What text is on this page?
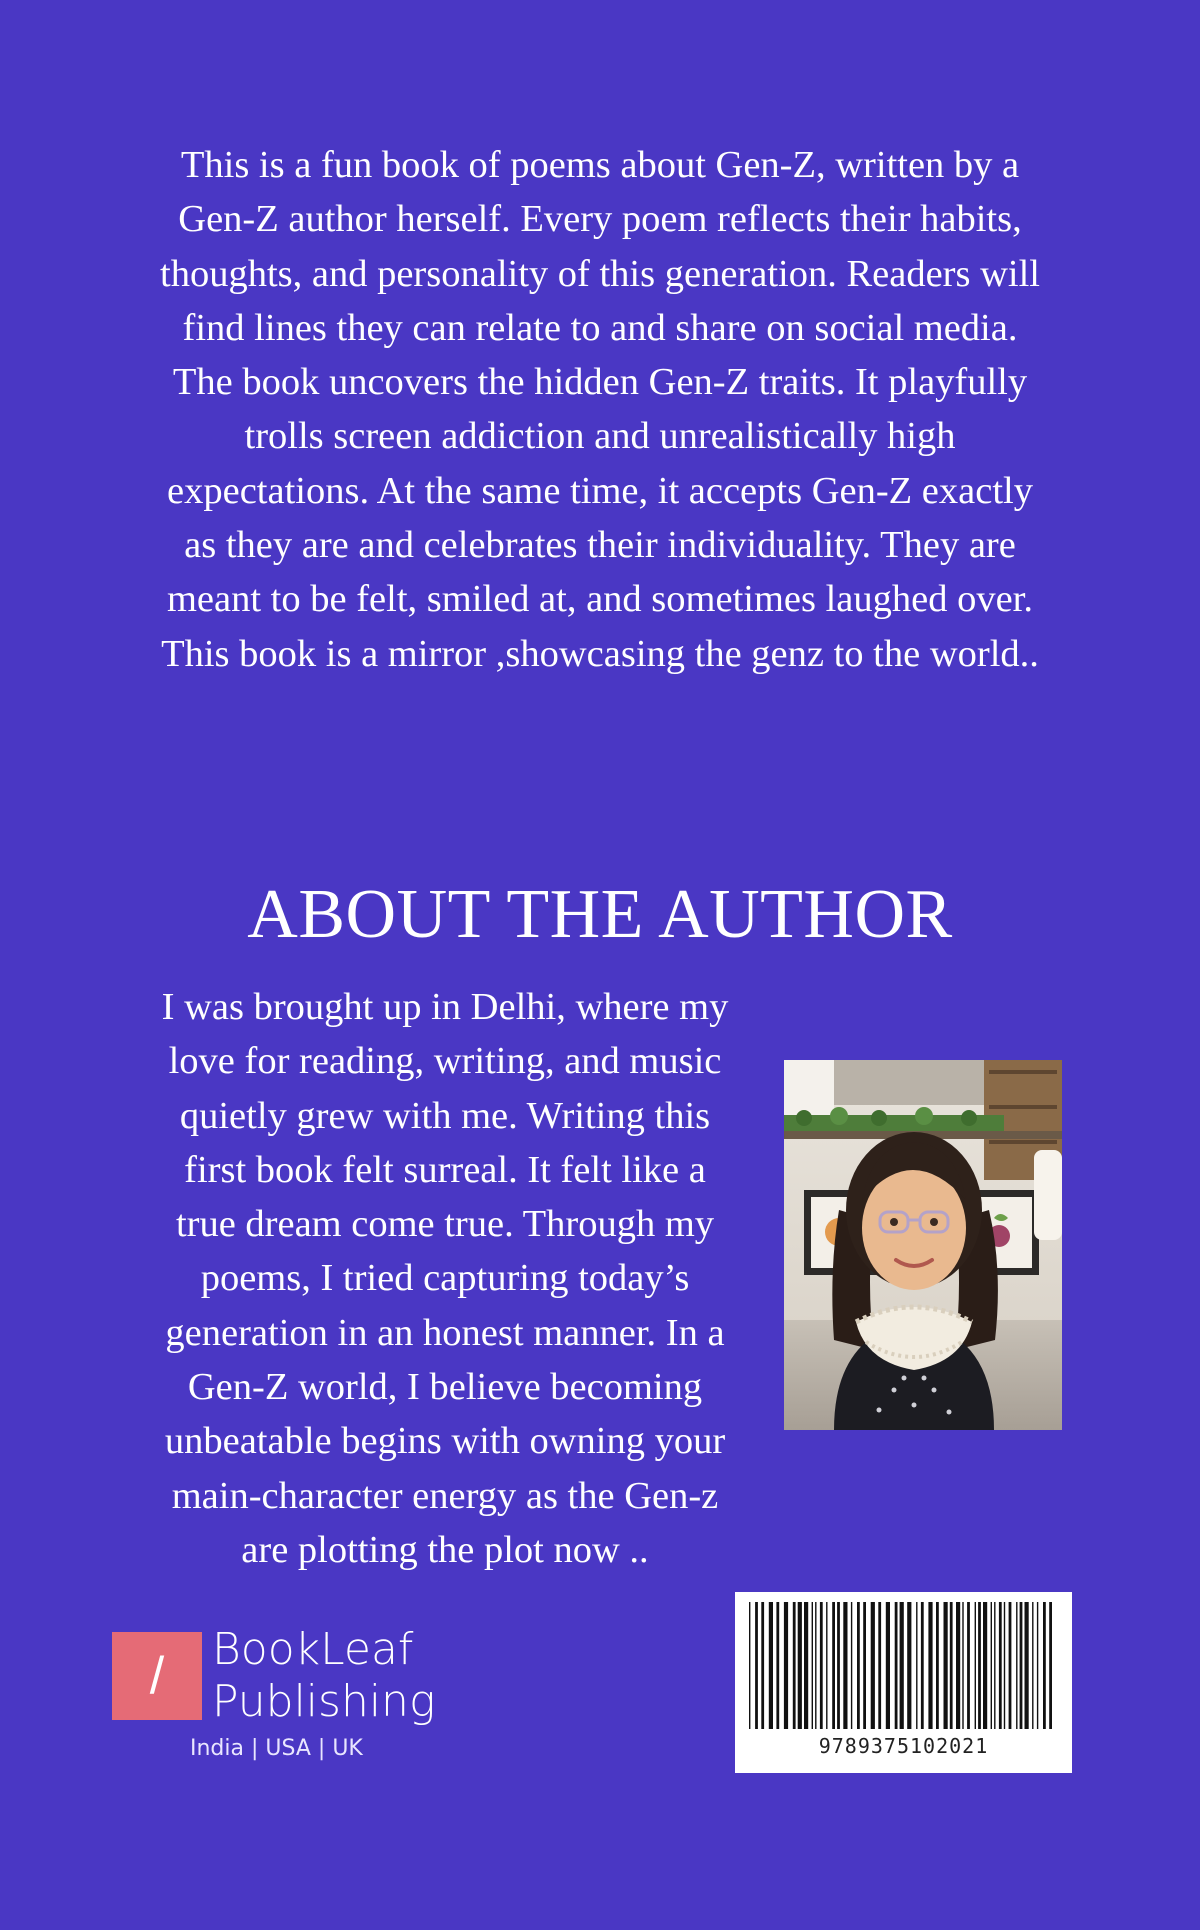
This is a fun book of poems about Gen-Z, written by a
Gen-Z author herself. Every poem reflects their habits,
thoughts, and personality of this generation. Readers will
find lines they can relate to and share on social media.
The book uncovers the hidden Gen-Z traits. It playfully
trolls screen addiction and unrealistically high
expectations. At the same time, it accepts Gen-Z exactly
as they are and celebrates their individuality. They are
meant to be felt, smiled at, and sometimes laughed over.
This book is a mirror ,showcasing the genz to the world..

ABOUT THE AUTHOR

I was brought up in Delhi, where my
love for reading, writing, and music
quietly grew with me. Writing this
first book felt surreal. It felt like a
true dream come true. Through my
poems, I tried capturing today’s
generation in an honest manner. In a
Gen-Z world, I believe becoming
unbeatable begins with owning your
main-character energy as the Gen-z
are plotting the plot now ..

/	BookLeaf
Publishing

India | USA | UK	9789375102021
